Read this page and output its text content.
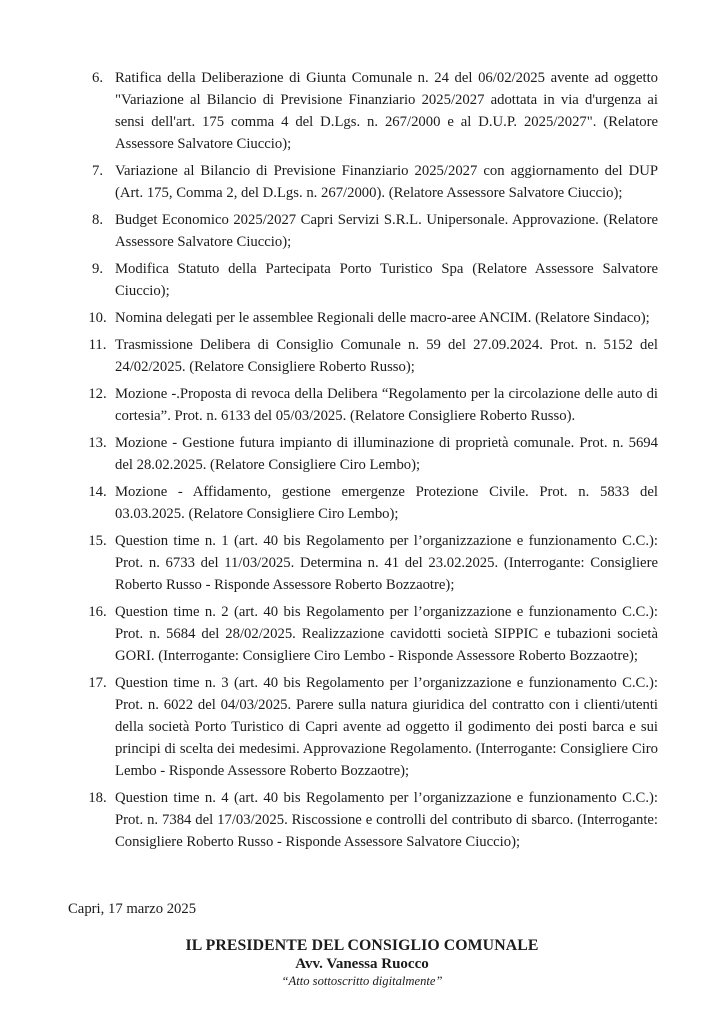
6. Ratifica della Deliberazione di Giunta Comunale n. 24 del 06/02/2025 avente ad oggetto "Variazione al Bilancio di Previsione Finanziario 2025/2027 adottata in via d'urgenza ai sensi dell'art. 175 comma 4 del D.Lgs. n. 267/2000 e al D.U.P. 2025/2027". (Relatore Assessore Salvatore Ciuccio);
7. Variazione al Bilancio di Previsione Finanziario 2025/2027 con aggiornamento del DUP (Art. 175, Comma 2, del D.Lgs. n. 267/2000). (Relatore Assessore Salvatore Ciuccio);
8. Budget Economico 2025/2027 Capri Servizi S.R.L. Unipersonale. Approvazione. (Relatore Assessore Salvatore Ciuccio);
9. Modifica Statuto della Partecipata Porto Turistico Spa (Relatore Assessore Salvatore Ciuccio);
10. Nomina delegati per le assemblee Regionali delle macro-aree ANCIM. (Relatore Sindaco);
11. Trasmissione Delibera di Consiglio Comunale n. 59 del 27.09.2024. Prot. n. 5152 del 24/02/2025. (Relatore Consigliere Roberto Russo);
12. Mozione -.Proposta di revoca della Delibera “Regolamento per la circolazione delle auto di cortesia”. Prot. n. 6133 del 05/03/2025. (Relatore Consigliere Roberto Russo).
13. Mozione - Gestione futura impianto di illuminazione di proprietà comunale. Prot. n. 5694 del 28.02.2025. (Relatore Consigliere Ciro Lembo);
14. Mozione - Affidamento, gestione emergenze Protezione Civile. Prot. n. 5833 del 03.03.2025. (Relatore Consigliere Ciro Lembo);
15. Question time n. 1 (art. 40 bis Regolamento per l’organizzazione e funzionamento C.C.): Prot. n. 6733 del 11/03/2025. Determina n. 41 del 23.02.2025. (Interrogante: Consigliere Roberto Russo - Risponde Assessore Roberto Bozzaotre);
16. Question time n. 2 (art. 40 bis Regolamento per l’organizzazione e funzionamento C.C.): Prot. n. 5684 del 28/02/2025. Realizzazione cavidotti società SIPPIC e tubazioni società GORI. (Interrogante: Consigliere Ciro Lembo - Risponde Assessore Roberto Bozzaotre);
17. Question time n. 3 (art. 40 bis Regolamento per l’organizzazione e funzionamento C.C.): Prot. n. 6022 del 04/03/2025. Parere sulla natura giuridica del contratto con i clienti/utenti della società Porto Turistico di Capri avente ad oggetto il godimento dei posti barca e sui principi di scelta dei medesimi. Approvazione Regolamento. (Interrogante: Consigliere Ciro Lembo - Risponde Assessore Roberto Bozzaotre);
18. Question time n. 4 (art. 40 bis Regolamento per l’organizzazione e funzionamento C.C.): Prot. n. 7384 del 17/03/2025. Riscossione e controlli del contributo di sbarco. (Interrogante: Consigliere Roberto Russo - Risponde Assessore Salvatore Ciuccio);
Capri, 17 marzo 2025
IL PRESIDENTE DEL CONSIGLIO COMUNALE
Avv. Vanessa Ruocco
“Atto sottoscritto digitalmente”
